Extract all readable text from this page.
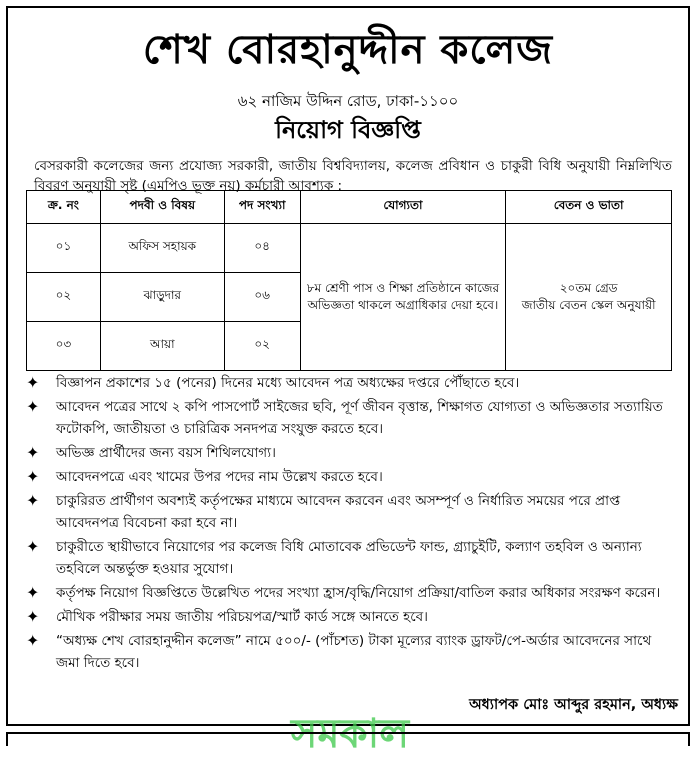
শেখ বোরহানুদ্দীন কলেজ
৬২ নাজিম উদ্দিন রোড, ঢাকা-১১০০
নিয়োগ বিজ্ঞপ্তি
বেসরকারী কলেজের জন্য প্রযোজ্য সরকারী, জাতীয় বিশ্ববিদ্যালয়, কলেজ প্রবিধান ও চাকুরী বিধি অনুযায়ী নিম্নলিখিত বিবরণ অনুযায়ী সৃষ্ট (এমপিও ভূক্ত নয়) কর্মচারী আবশ্যক :
ক্র. নং	পদবী ও বিষয়	পদ সংখ্যা	যোগ্যতা	বেতন ও ভাতা
০১	অফিস সহায়ক	০৪	৮ম শ্রেণী পাস ও শিক্ষা প্রতিষ্ঠানে কাজের অভিজ্ঞতা থাকলে অগ্রাধিকার দেয়া হবে।	২০তম গ্রেড
জাতীয় বেতন স্কেল অনুযায়ী

০২	ঝাড়ুদার	০৬		
০৩	আয়া	০২		
✦ বিজ্ঞাপন প্রকাশের ১৫ (পনের) দিনের মধ্যে আবেদন পত্র অধ্যক্ষের দপ্তরে পৌঁছাতে হবে।
✦ আবেদন পত্রের সাথে ২ কপি পাসপোর্ট সাইজের ছবি, পূর্ণ জীবন বৃত্তান্ত, শিক্ষাগত যোগ্যতা ও অভিজ্ঞতার সত্যায়িত ফটোকপি, জাতীয়তা ও চারিত্রিক সনদপত্র সংযুক্ত করতে হবে।
✦ অভিজ্ঞ প্রার্থীদের জন্য বয়স শিথিলযোগ্য।
✦ আবেদনপত্রে এবং খামের উপর পদের নাম উল্লেখ করতে হবে।
✦ চাকুরিরত প্রার্থীগণ অবশ্যই কর্তৃপক্ষের মাধ্যমে আবেদন করবেন এবং অসম্পূর্ণ ও নির্ধারিত সময়ের পরে প্রাপ্ত আবেদনপত্র বিবেচনা করা হবে না।
✦ চাকুরীতে স্থায়ীভাবে নিয়োগের পর কলেজ বিধি মোতাবেক প্রভিডেন্ট ফান্ড, গ্র্যাচুইটি, কল্যাণ তহবিল ও অন্যান্য তহবিলে অন্তর্ভুক্ত হওয়ার সুযোগ।
✦ কর্তৃপক্ষ নিয়োগ বিজ্ঞপ্তিতে উল্লেখিত পদের সংখ্যা হ্রাস/বৃদ্ধি/নিয়োগ প্রক্রিয়া/বাতিল করার অধিকার সংরক্ষণ করেন।
✦ মৌখিক পরীক্ষার সময় জাতীয় পরিচয়পত্র/স্মার্ট কার্ড সঙ্গে আনতে হবে।
✦ “অধ্যক্ষ শেখ বোরহানুদ্দীন কলেজ” নামে ৫০০/- (পাঁচশত) টাকা মূল্যের ব্যাংক ড্রাফট/পে-অর্ডার আবেদনের সাথে জমা দিতে হবে।
অধ্যাপক মোঃ আব্দুর রহমান, অধ্যক্ষ
সমকাল
